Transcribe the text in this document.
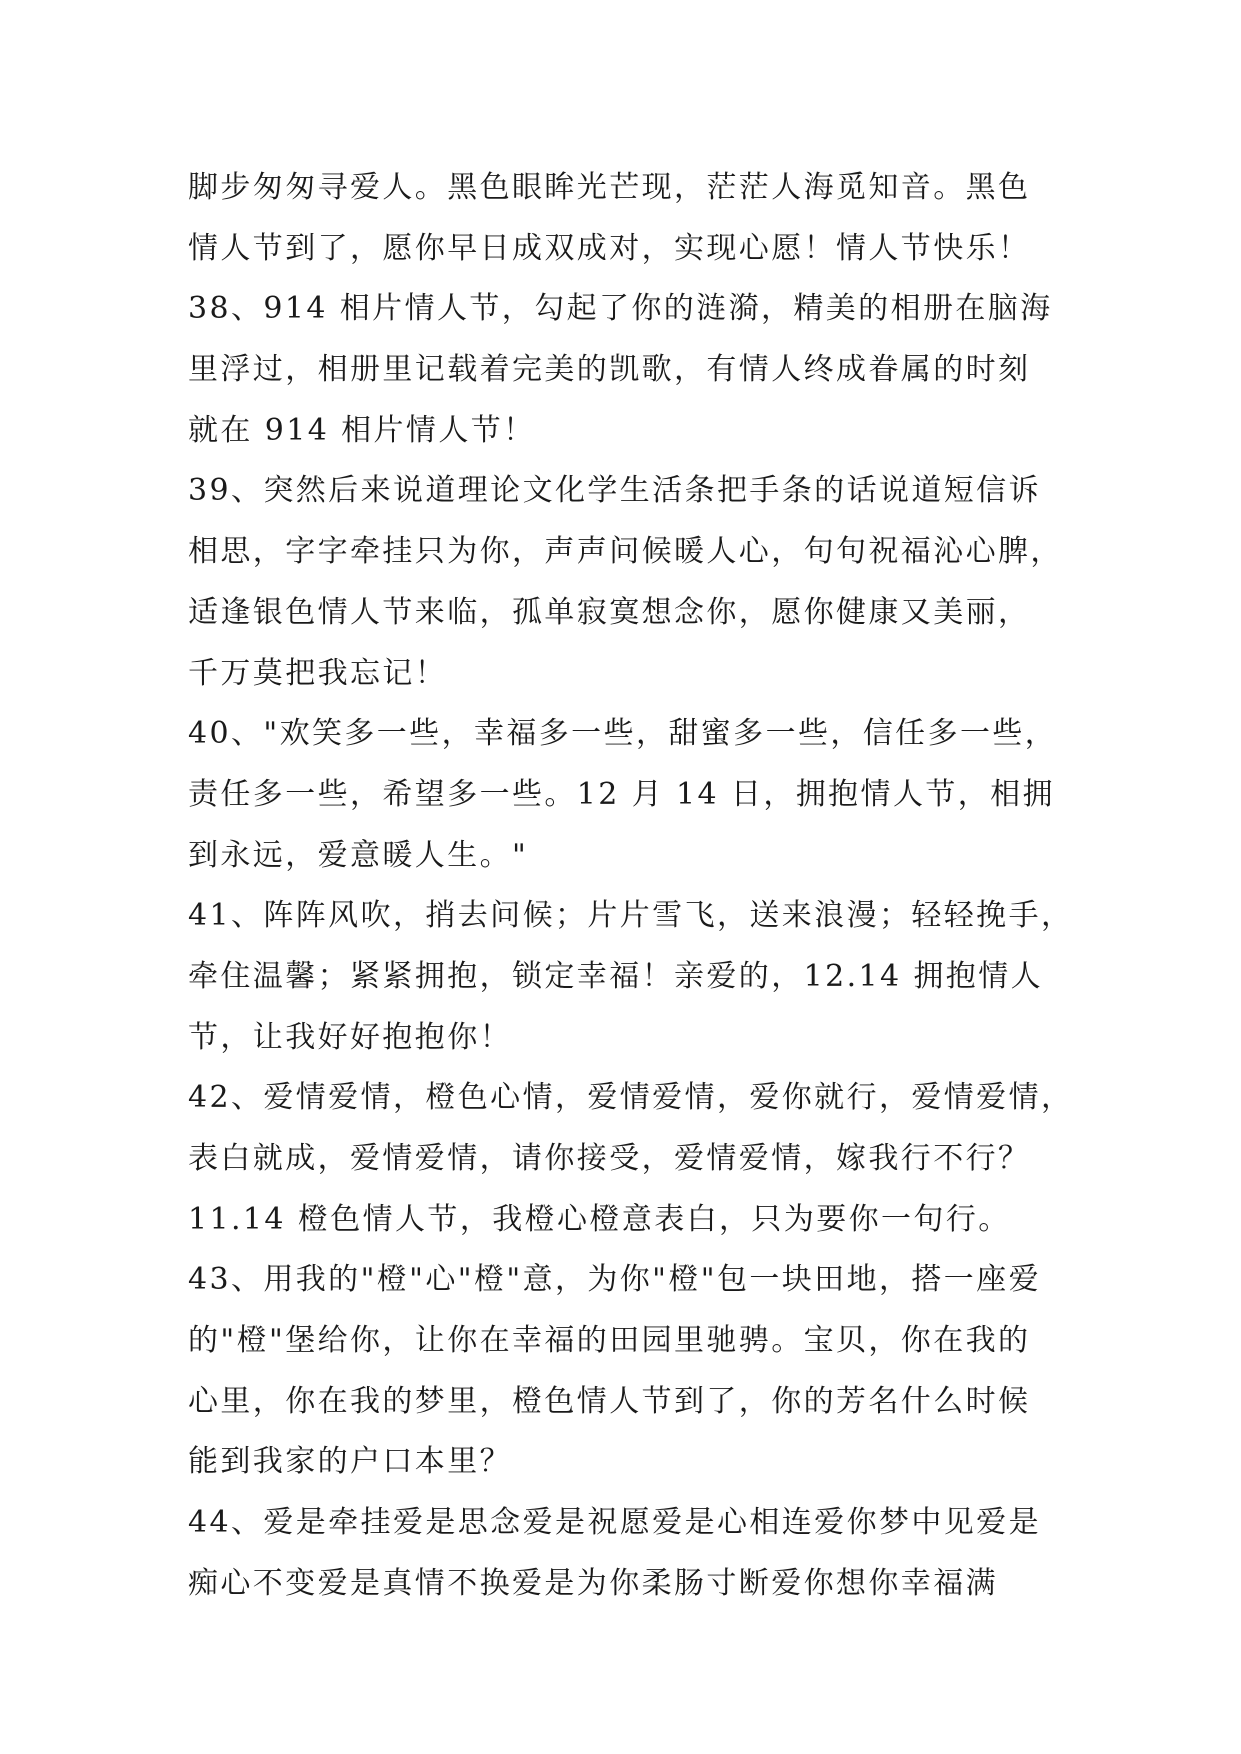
脚步匆匆寻爱人。黑色眼眸光芒现，茫茫人海觅知音。黑色
情人节到了，愿你早日成双成对，实现心愿！情人节快乐！
38、914 相片情人节，勾起了你的涟漪，精美的相册在脑海
里浮过，相册里记载着完美的凯歌，有情人终成眷属的时刻
就在 914 相片情人节！
39、突然后来说道理论文化学生活条把手条的话说道短信诉
相思，字字牵挂只为你，声声问候暖人心，句句祝福沁心脾，
适逢银色情人节来临，孤单寂寞想念你，愿你健康又美丽，
千万莫把我忘记！
40、"欢笑多一些，幸福多一些，甜蜜多一些，信任多一些，
责任多一些，希望多一些。12 月 14 日，拥抱情人节，相拥
到永远，爱意暖人生。"
41、阵阵风吹，捎去问候；片片雪飞，送来浪漫；轻轻挽手，
牵住温馨；紧紧拥抱，锁定幸福！亲爱的，12.14 拥抱情人
节，让我好好抱抱你！
42、爱情爱情，橙色心情，爱情爱情，爱你就行，爱情爱情，
表白就成，爱情爱情，请你接受，爱情爱情，嫁我行不行？
11.14 橙色情人节，我橙心橙意表白，只为要你一句行。
43、用我的"橙"心"橙"意，为你"橙"包一块田地，搭一座爱
的"橙"堡给你，让你在幸福的田园里驰骋。宝贝，你在我的
心里，你在我的梦里，橙色情人节到了，你的芳名什么时候
能到我家的户口本里？
44、爱是牵挂爱是思念爱是祝愿爱是心相连爱你梦中见爱是
痴心不变爱是真情不换爱是为你柔肠寸断爱你想你幸福满
